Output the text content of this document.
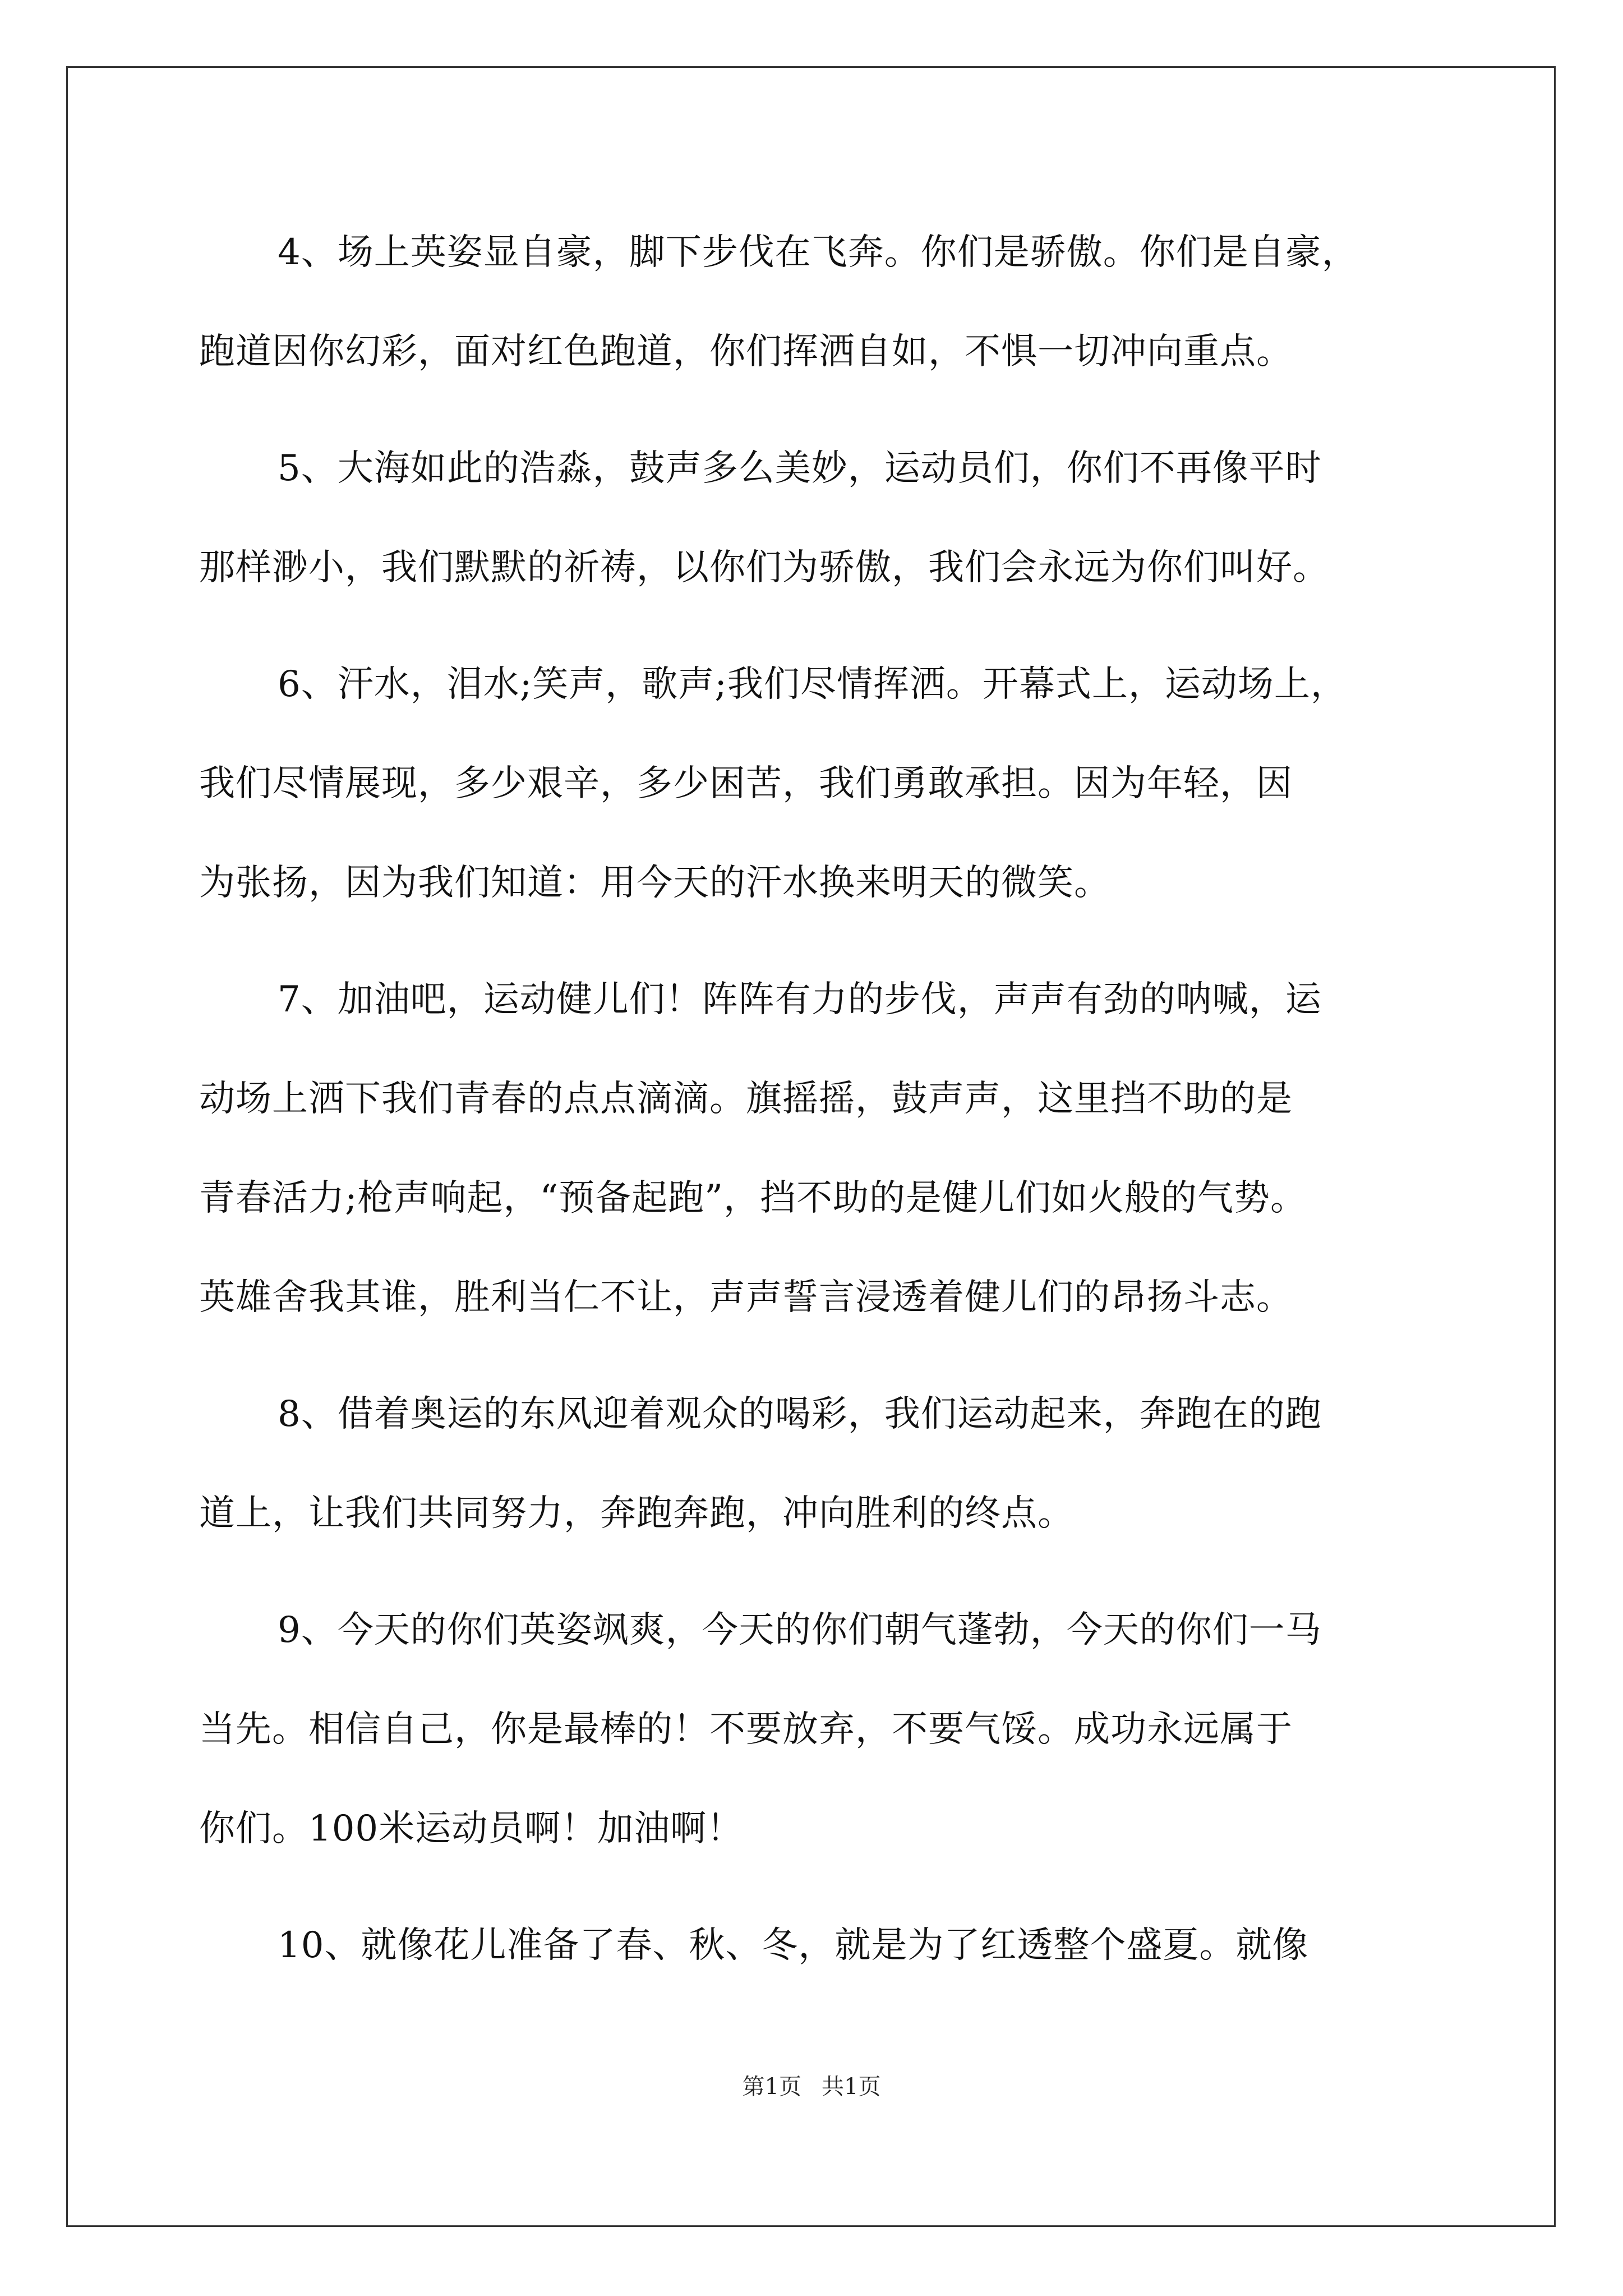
4、场上英姿显自豪，脚下步伐在飞奔。你们是骄傲。你们是自豪，
跑道因你幻彩，面对红色跑道，你们挥洒自如，不惧一切冲向重点。
5、大海如此的浩淼，鼓声多么美妙，运动员们，你们不再像平时
那样渺小，我们默默的祈祷，以你们为骄傲，我们会永远为你们叫好。
6、汗水，泪水;笑声，歌声;我们尽情挥洒。开幕式上，运动场上，
我们尽情展现，多少艰辛，多少困苦，我们勇敢承担。因为年轻，因
为张扬，因为我们知道：用今天的汗水换来明天的微笑。
7、加油吧，运动健儿们！阵阵有力的步伐，声声有劲的呐喊，运
动场上洒下我们青春的点点滴滴。旗摇摇，鼓声声，这里挡不助的是
青春活力;枪声响起，“预备起跑”，挡不助的是健儿们如火般的气势。
英雄舍我其谁，胜利当仁不让，声声誓言浸透着健儿们的昂扬斗志。
8、借着奥运的东风迎着观众的喝彩，我们运动起来，奔跑在的跑
道上，让我们共同努力，奔跑奔跑，冲向胜利的终点。
9、今天的你们英姿飒爽，今天的你们朝气蓬勃，今天的你们一马
当先。相信自己，你是最棒的！不要放弃，不要气馁。成功永远属于
你们。100米运动员啊！加油啊！
10、就像花儿准备了春、秋、冬，就是为了红透整个盛夏。就像
第1页 共1页
